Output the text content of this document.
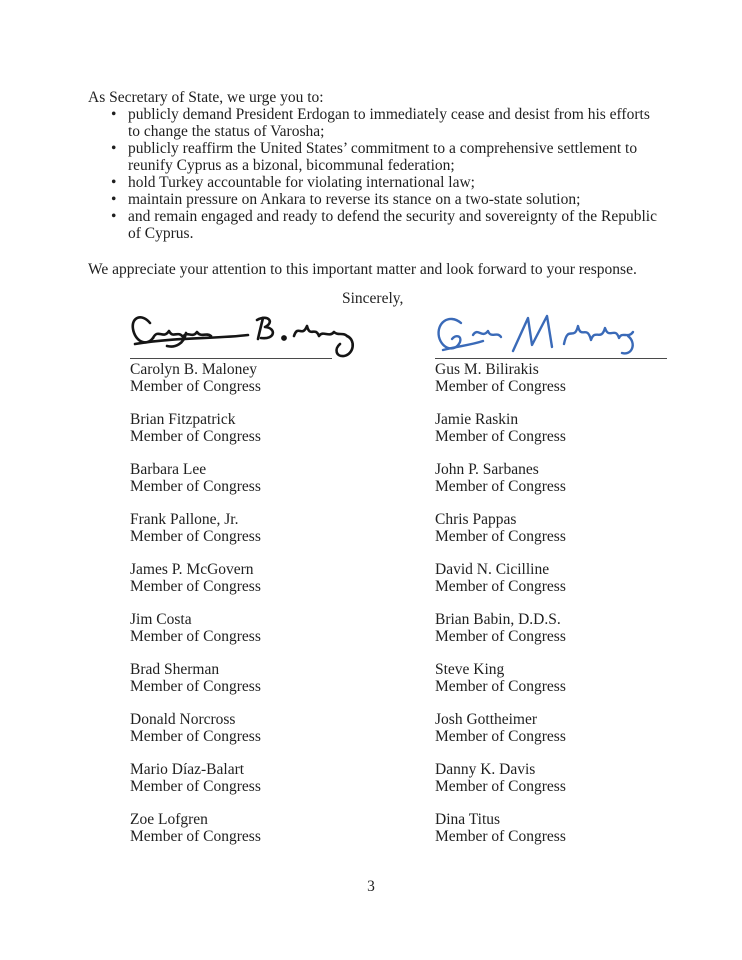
As Secretary of State, we urge you to:

• publicly demand President Erdogan to immediately cease and desist from his efforts to change the status of Varosha;
• publicly reaffirm the United States’ commitment to a comprehensive settlement to reunify Cyprus as a bizonal, bicommunal federation;
• hold Turkey accountable for violating international law;
• maintain pressure on Ankara to reverse its stance on a two-state solution;
• and remain engaged and ready to defend the security and sovereignty of the Republic of Cyprus.

We appreciate your attention to this important matter and look forward to your response.

Sincerely,

Carolyn B. Maloney
Member of Congress
Gus M. Bilirakis
Member of Congress
Brian Fitzpatrick
Member of Congress
Barbara Lee
Member of Congress
Frank Pallone, Jr.
Member of Congress
James P. McGovern
Member of Congress
Jim Costa
Member of Congress
Brad Sherman
Member of Congress
Donald Norcross
Member of Congress
Mario Díaz-Balart
Member of Congress
Zoe Lofgren
Member of Congress
Jamie Raskin
Member of Congress
John P. Sarbanes
Member of Congress
Chris Pappas
Member of Congress
David N. Cicilline
Member of Congress
Brian Babin, D.D.S.
Member of Congress
Steve King
Member of Congress
Josh Gottheimer
Member of Congress
Danny K. Davis
Member of Congress
Dina Titus
Member of Congress
3
